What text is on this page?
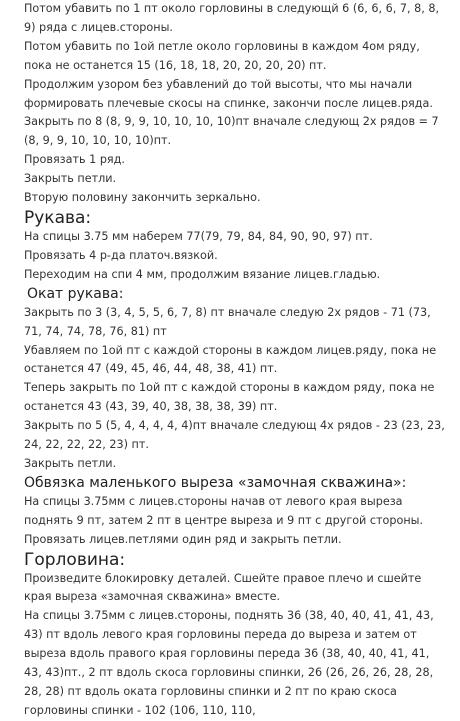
Потом убавить по 1 пт около горловины в следующй 6 (6, 6, 6, 7, 8, 8, 9) ряда с лицев.стороны.

Потом убавить по 1ой петле около горловины в каждом 4ом ряду, пока не останется 15 (16, 18, 18, 20, 20, 20, 20) пт.

Продолжим узором без убавлений до той высоты, что мы начали формировать плечевые скосы на спинке, закончи после лицев.ряда.

Закрыть по 8 (8, 9, 9, 10, 10, 10, 10)пт вначале следующ 2х рядов = 7 (8, 9, 9, 10, 10, 10, 10)пт.

Провязать 1 ряд.

Закрыть петли.

Вторую половину закончить зеркально.

Рукава:

На спицы 3.75 мм наберем 77(79, 79, 84, 84, 90, 90, 97) пт.

Провязать 4 р-да платоч.вязкой.

Переходим на спи 4 мм, продолжим вязание лицев.гладью.

Окат рукава:

Закрыть по 3 (3, 4, 5, 5, 6, 7, 8) пт вначале следую 2х рядов - 71 (73, 71, 74, 74, 78, 76, 81) пт

Убавляем по 1ой пт с каждой стороны в каждом лицев.ряду, пока не останется 47 (49, 45, 46, 44, 48, 38, 41) пт.

Теперь закрыть по 1ой пт с каждой стороны в каждом ряду, пока не останется 43 (43, 39, 40, 38, 38, 38, 39) пт.

Закрыть по 5 (5, 4, 4, 4, 4, 4)пт вначале следующ 4х рядов - 23 (23, 23, 24, 22, 22, 22, 23) пт.

Закрыть петли.

Обвязка маленького выреза «замочная скважина»:

На спицы 3.75мм с лицев.стороны начав от левого края выреза поднять 9 пт, затем 2 пт в центре выреза и 9 пт с другой стороны. Провязать лицев.петлями один ряд и закрыть петли.

Горловина:

Произведите блокировку деталей. Сшейте правое плечо и сшейте края выреза «замочная скважина» вместе.

На спицы 3.75мм с лицев.стороны, поднять 36 (38, 40, 40, 41, 41, 43, 43) пт вдоль левого края горловины переда до выреза и затем от выреза вдоль правого края горловины переда 36 (38, 40, 40, 41, 41, 43, 43)пт., 2 пт вдоль скоса горловины спинки, 26 (26, 26, 26, 28, 28, 28, 28) пт вдоль оката горловины спинки и 2 пт по краю скоса горловины спинки - 102 (106, 110, 110,
